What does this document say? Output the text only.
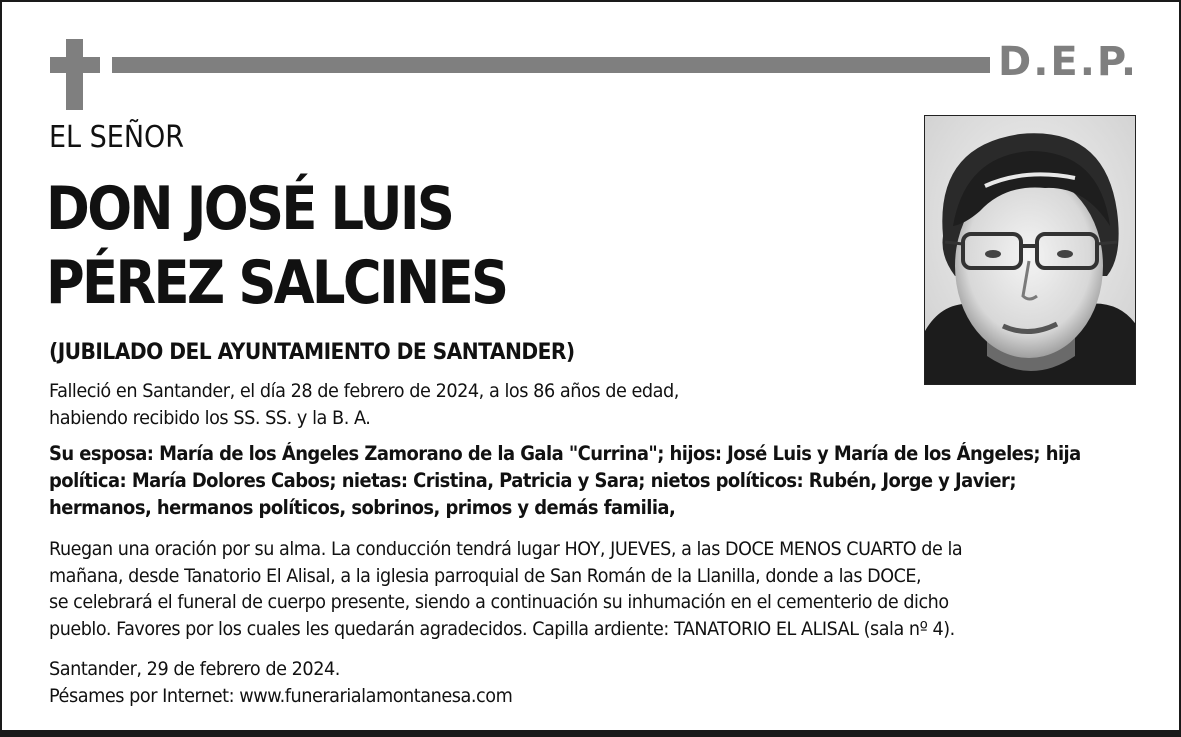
D.E.P.
EL SEÑOR
DON JOSÉ LUIS
PÉREZ SALCINES
(JUBILADO DEL AYUNTAMIENTO DE SANTANDER)
Falleció en Santander, el día 28 de febrero de 2024, a los 86 años de edad,
habiendo recibido los SS. SS. y la B. A.
Su esposa: María de los Ángeles Zamorano de la Gala "Currina"; hijos: José Luis y María de los Ángeles; hija
política: María Dolores Cabos; nietas: Cristina, Patricia y Sara; nietos políticos: Rubén, Jorge y Javier;
hermanos, hermanos políticos, sobrinos, primos y demás familia,
Ruegan una oración por su alma. La conducción tendrá lugar HOY, JUEVES, a las DOCE MENOS CUARTO de la
mañana, desde Tanatorio El Alisal, a la iglesia parroquial de San Román de la Llanilla, donde a las DOCE,
se celebrará el funeral de cuerpo presente, siendo a continuación su inhumación en el cementerio de dicho
pueblo. Favores por los cuales les quedarán agradecidos. Capilla ardiente: TANATORIO EL ALISAL (sala nº 4).
Santander, 29 de febrero de 2024.
Pésames por Internet: www.funerarialamontanesa.com
